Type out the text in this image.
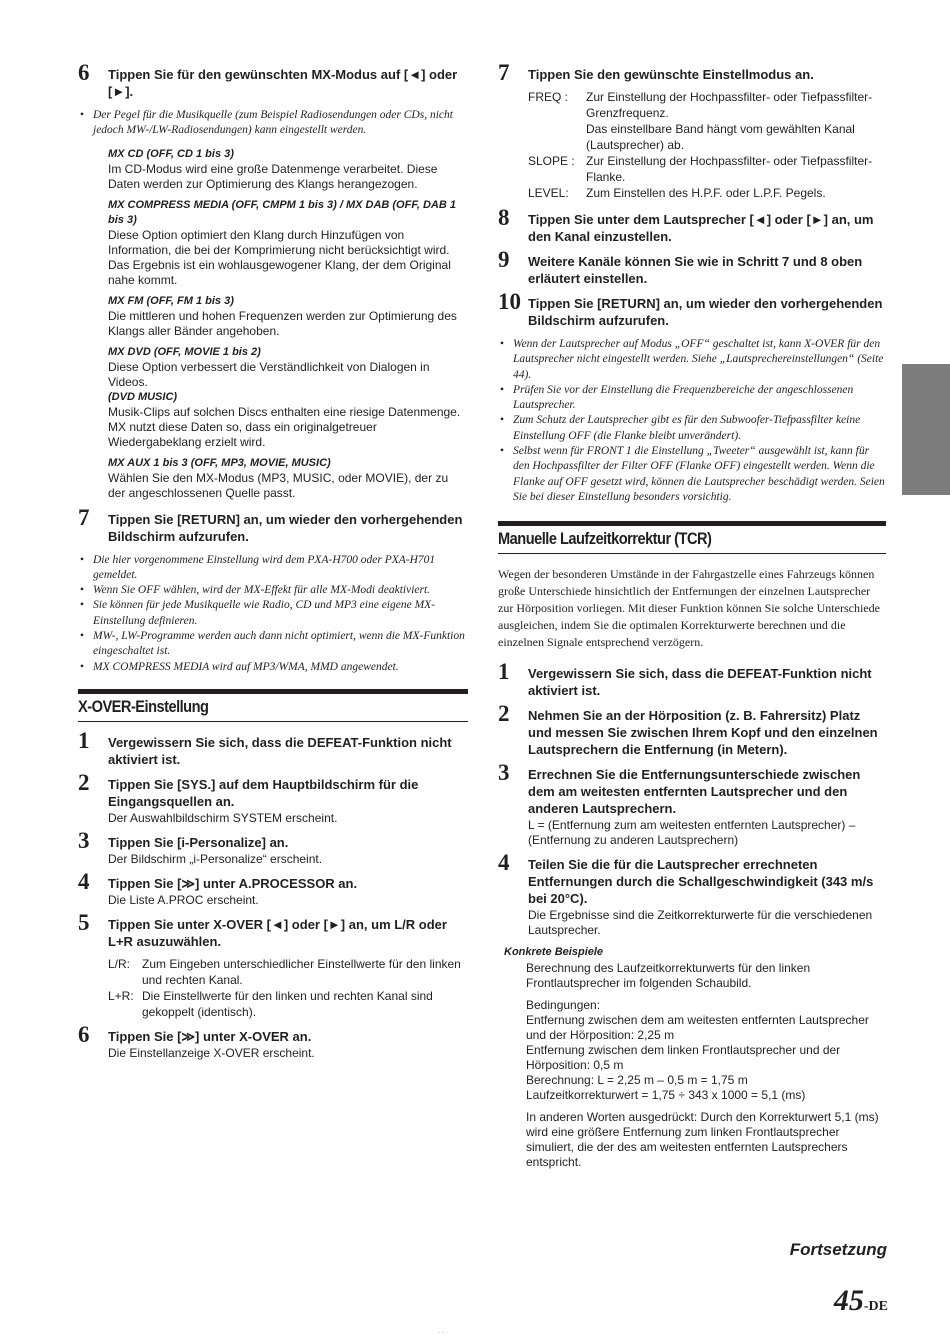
6 Tippen Sie für den gewünschten MX-Modus auf [◄] oder [►].
• Der Pegel für die Musikquelle (zum Beispiel Radiosendungen oder CDs, nicht jedoch MW-/LW-Radiosendungen) kann eingestellt werden.
MX CD (OFF, CD 1 bis 3)
Im CD-Modus wird eine große Datenmenge verarbeitet. Diese Daten werden zur Optimierung des Klangs herangezogen.
MX COMPRESS MEDIA (OFF, CMPM 1 bis 3) / MX DAB (OFF, DAB 1 bis 3)
Diese Option optimiert den Klang durch Hinzufügen von Information, die bei der Komprimierung nicht berücksichtigt wird. Das Ergebnis ist ein wohlausgewogener Klang, der dem Original nahe kommt.
MX FM (OFF, FM 1 bis 3)
Die mittleren und hohen Frequenzen werden zur Optimierung des Klangs aller Bänder angehoben.
MX DVD (OFF, MOVIE 1 bis 2)
Diese Option verbessert die Verständlichkeit von Dialogen in Videos.
(DVD MUSIC)
Musik-Clips auf solchen Discs enthalten eine riesige Datenmenge. MX nutzt diese Daten so, dass ein originalgetreuer Wiedergabeklang erzielt wird.
MX AUX 1 bis 3 (OFF, MP3, MOVIE, MUSIC)
Wählen Sie den MX-Modus (MP3, MUSIC, oder MOVIE), der zu der angeschlossenen Quelle passt.
7 Tippen Sie [RETURN] an, um wieder den vorhergehenden Bildschirm aufzurufen.
• Die hier vorgenommene Einstellung wird dem PXA-H700 oder PXA-H701 gemeldet.
• Wenn Sie OFF wählen, wird der MX-Effekt für alle MX-Modi deaktiviert.
• Sie können für jede Musikquelle wie Radio, CD und MP3 eine eigene MX-Einstellung definieren.
• MW-, LW-Programme werden auch dann nicht optimiert, wenn die MX-Funktion eingeschaltet ist.
• MX COMPRESS MEDIA wird auf MP3/WMA, MMD angewendet.
X-OVER-Einstellung
1 Vergewissern Sie sich, dass die DEFEAT-Funktion nicht aktiviert ist.
2 Tippen Sie [SYS.] auf dem Hauptbildschirm für die Eingangsquellen an.
Der Auswahlbildschirm SYSTEM erscheint.
3 Tippen Sie [i-Personalize] an.
Der Bildschirm „i-Personalize“ erscheint.
4 Tippen Sie [≫] unter A.PROCESSOR an.
Die Liste A.PROC erscheint.
5 Tippen Sie unter X-OVER [◄] oder [►] an, um L/R oder L+R asuzuwählen.
L/R: Zum Eingeben unterschiedlicher Einstellwerte für den linken und rechten Kanal.
L+R: Die Einstellwerte für den linken und rechten Kanal sind gekoppelt (identisch).
6 Tippen Sie [≫] unter X-OVER an.
Die Einstellanzeige X-OVER erscheint.
7 Tippen Sie den gewünschte Einstellmodus an.
FREQ :	Zur Einstellung der Hochpassfilter- oder Tiefpassfilter-Grenzfrequenz.
Das einstellbare Band hängt vom gewählten Kanal (Lautsprecher) ab.
SLOPE : Zur Einstellung der Hochpassfilter- oder Tiefpassfilter-Flanke.
LEVEL:	Zum Einstellen des H.P.F. oder L.P.F. Pegels.
8 Tippen Sie unter dem Lautsprecher [◄] oder [►] an, um den Kanal einzustellen.
9 Weitere Kanäle können Sie wie in Schritt 7 und 8 oben erläutert einstellen.
10 Tippen Sie [RETURN] an, um wieder den vorhergehenden Bildschirm aufzurufen.
• Wenn der Lautsprecher auf Modus „OFF“ geschaltet ist, kann X-OVER für den Lautsprecher nicht eingestellt werden. Siehe „Lautsprechereinstellungen“ (Seite 44).
• Prüfen Sie vor der Einstellung die Frequenzbereiche der angeschlossenen Lautsprecher.
• Zum Schutz der Lautsprecher gibt es für den Subwoofer-Tiefpassfilter keine Einstellung OFF (die Flanke bleibt unverändert).
• Selbst wenn für FRONT 1 die Einstellung „Tweeter“ ausgewählt ist, kann für den Hochpassfilter der Filter OFF (Flanke OFF) eingestellt werden. Wenn die Flanke auf OFF gesetzt wird, können die Lautsprecher beschädigt werden. Seien Sie bei dieser Einstellung besonders vorsichtig.
Manuelle Laufzeitkorrektur (TCR)
Wegen der besonderen Umstände in der Fahrgastzelle eines Fahrzeugs können große Unterschiede hinsichtlich der Entfernungen der einzelnen Lautsprecher zur Hörposition vorliegen. Mit dieser Funktion können Sie solche Unterschiede ausgleichen, indem Sie die optimalen Korrekturwerte berechnen und die einzelnen Signale entsprechend verzögern.
1 Vergewissern Sie sich, dass die DEFEAT-Funktion nicht aktiviert ist.
2 Nehmen Sie an der Hörposition (z. B. Fahrersitz) Platz und messen Sie zwischen Ihrem Kopf und den einzelnen Lautsprechern die Entfernung (in Metern).
3 Errechnen Sie die Entfernungsunterschiede zwischen dem am weitesten entfernten Lautsprecher und den anderen Lautsprechern.
L = (Entfernung zum am weitesten entfernten Lautsprecher) – (Entfernung zu anderen Lautsprechern)
4 Teilen Sie die für die Lautsprecher errechneten Entfernungen durch die Schallgeschwindigkeit (343 m/s bei 20°C).
Die Ergebnisse sind die Zeitkorrekturwerte für die verschiedenen Lautsprecher.
Konkrete Beispiele

Berechnung des Laufzeitkorrekturwerts für den linken Frontlautsprecher im folgenden Schaubild.

Bedingungen:
Entfernung zwischen dem am weitesten entfernten Lautsprecher und der Hörposition: 2,25 m
Entfernung zwischen dem linken Frontlautsprecher und der Hörposition: 0,5 m
Berechnung: L = 2,25 m – 0,5 m = 1,75 m
Laufzeitkorrekturwert = 1,75 ÷ 343 x 1000 = 5,1 (ms)

In anderen Worten ausgedrückt: Durch den Korrekturwert 5,1 (ms) wird eine größere Entfernung zum linken Frontlautsprecher simuliert, die der des am weitesten entfernten Lautsprechers entspricht.

Fortsetzung
45-DE
. .
